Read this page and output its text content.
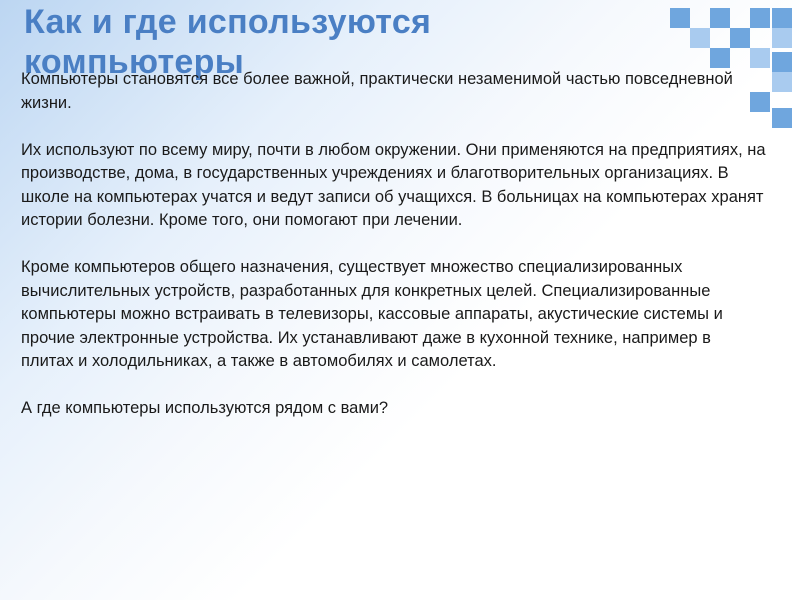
Как и где используются компьютеры

Компьютеры становятся все более важной, практически незаменимой частью повседневной жизни.

Их используют по всему миру, почти в любом окружении. Они применяются на предприятиях, на производстве, дома, в государственных учреждениях и благотворительных организациях. В школе на компьютерах учатся и ведут записи об учащихся. В больницах на компьютерах хранят истории болезни. Кроме того, они помогают при лечении.

Кроме компьютеров общего назначения, существует множество специализированных вычислительных устройств, разработанных для конкретных целей. Специализированные компьютеры можно встраивать в телевизоры, кассовые аппараты, акустические системы и прочие электронные устройства. Их устанавливают даже в кухонной технике, например в плитах и холодильниках, а также в автомобилях и самолетах.

А где компьютеры используются рядом с вами?
